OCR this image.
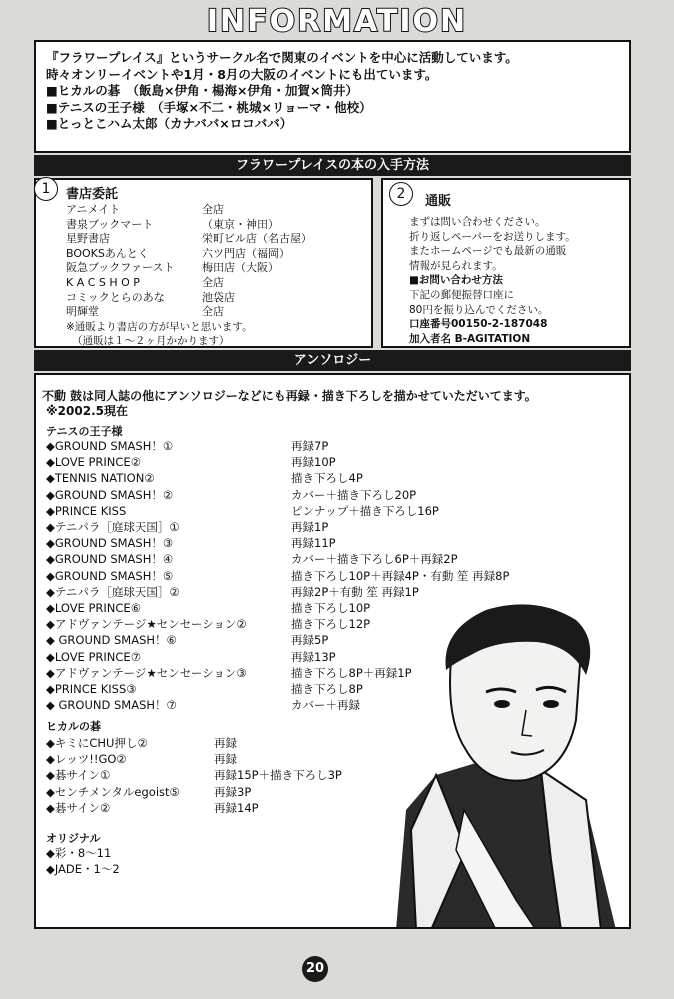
INFORMATION

『フラワープレイス』というサークル名で関東のイベントを中心に活動しています。

時々オンリーイベントや1月・8月の大阪のイベントにも出ています。

■ヒカルの碁　（飯島×伊角・楊海×伊角・加賀×筒井）

■テニスの王子様　（手塚×不二・桃城×リョーマ・他校）

■とっとこハム太郎（カナババ×ロコババ）

フラワープレイスの本の入手方法
1	書店委託
アニメイト	全店
書泉ブックマート	（東京・神田）
星野書店	栄町ビル店（名古屋）
BOOKSあんとく	六ツ門店（福岡）
阪急ブックファースト	梅田店（大阪）
K A C S H O P	全店
コミックとらのあな	池袋店
明輝堂	全店
※通販より書店の方が早いと思います。
（通販は１～２ヶ月かかります）
2	通販
まずは問い合わせください。
折り返しペーパーをお送りします。
またホームページでも最新の通販
情報が見られます。
■お問い合わせ方法
下記の郵便振替口座に
80円を振り込んでください。
口座番号00150‐2‐187048
加入者名 B‐AGITATION
アンソロジー
不動 鼓は同人誌の他にアンソロジーなどにも再録・描き下ろしを描かせていただいてます。
※2002.5現在
テニスの王子様
◆GROUND SMASH！①	再録7P
◆LOVE PRINCE②	再録10P
◆TENNIS NATION②	描き下ろし4P
◆GROUND SMASH！②	カバー＋描き下ろし20P
◆PRINCE KISS	ピンナップ＋描き下ろし16P
◆テニパラ［庭球天国］①	再録1P
◆GROUND SMASH！③	再録11P
◆GROUND SMASH！④	カバー＋描き下ろし6P＋再録2P
◆GROUND SMASH！⑤	描き下ろし10P＋再録4P・有動 笙 再録8P
◆テニパラ［庭球天国］②	再録2P＋有動 笙 再録1P
◆LOVE PRINCE⑥	描き下ろし10P
◆アドヴァンテージ★センセーション②	描き下ろし12P
◆ GROUND SMASH！⑥	再録5P
◆LOVE PRINCE⑦	再録13P
◆アドヴァンテージ★センセーション③	描き下ろし8P＋再録1P
◆PRINCE KISS③	描き下ろし8P
◆ GROUND SMASH！⑦	カバー＋再録
ヒカルの碁
◆キミにCHU押し②	再録
◆レッツ!!GO②	再録
◆碁サイン①	再録15P＋描き下ろし3P
◆センチメンタルegoist⑤	再録3P
◆碁サイン②	再録14P
オリジナル
◆彩・8～11
◆JADE・1～2
20
